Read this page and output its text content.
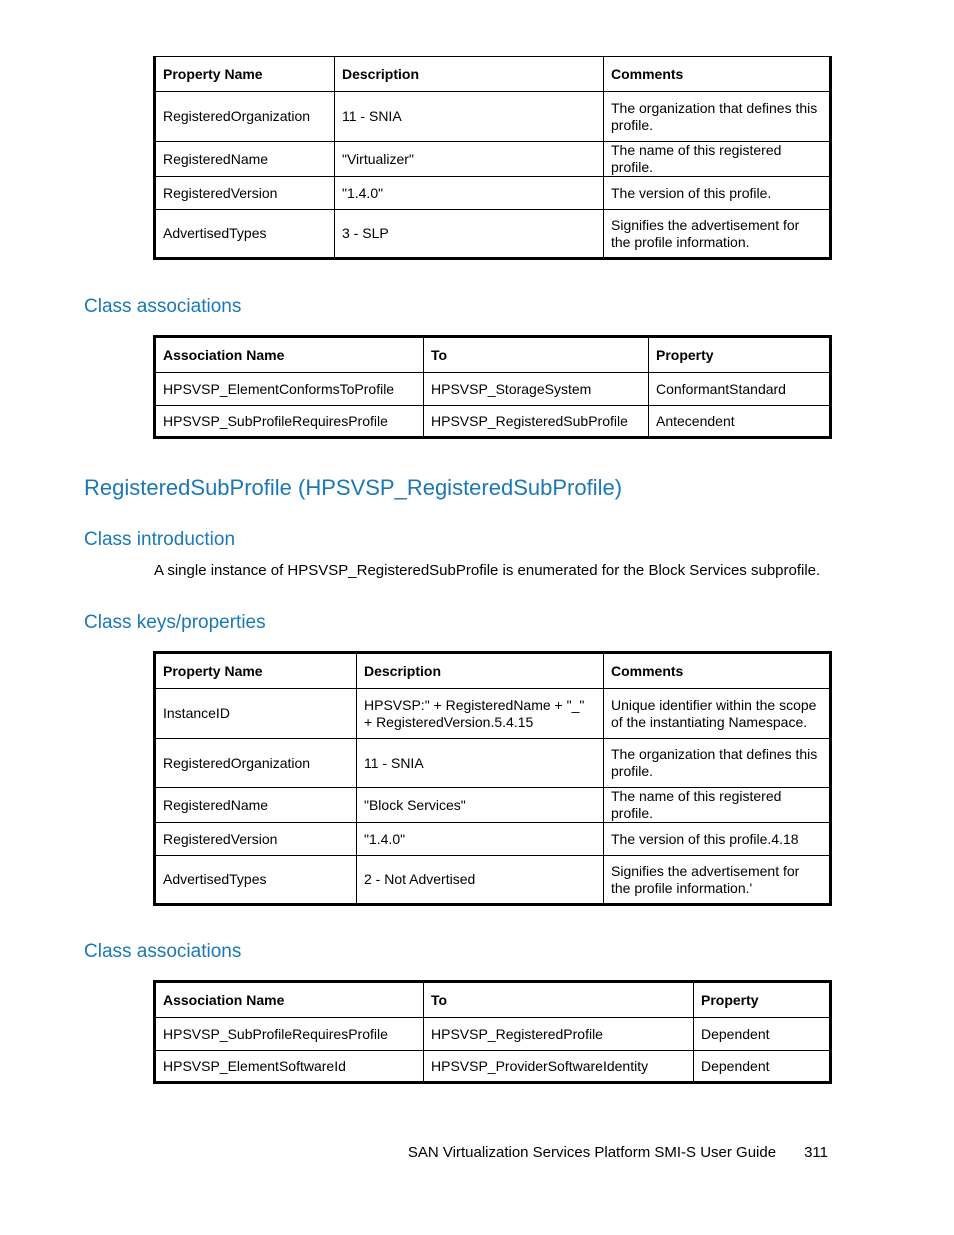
Property Name	Description	Comments
RegisteredOrganization	11 - SNIA	The organization that defines this profile.
RegisteredName	"Virtualizer"	The name of this registered profile.
RegisteredVersion	"1.4.0"	The version of this profile.
AdvertisedTypes	3 - SLP	Signifies the advertisement for the profile information.
Class associations
Association Name	To	Property
HPSVSP_ElementConformsToProfile	HPSVSP_StorageSystem	ConformantStandard
HPSVSP_SubProfileRequiresProfile	HPSVSP_RegisteredSubProfile	Antecendent
RegisteredSubProfile (HPSVSP_RegisteredSubProfile)
Class introduction

A single instance of HPSVSP_RegisteredSubProfile is enumerated for the Block Services subprofile.

Class keys/properties
Property Name	Description	Comments
InstanceID	HPSVSP:" + RegisteredName + "_" + RegisteredVersion.5.4.15	Unique identifier within the scope of the instantiating Namespace.
RegisteredOrganization	11 - SNIA	The organization that defines this profile.
RegisteredName	"Block Services"	The name of this registered profile.
RegisteredVersion	"1.4.0"	The version of this profile.4.18
AdvertisedTypes	2 - Not Advertised	Signifies the advertisement for the profile information.'
Class associations
Association Name	To	Property
HPSVSP_SubProfileRequiresProfile	HPSVSP_RegisteredProfile	Dependent
HPSVSP_ElementSoftwareId	HPSVSP_ProviderSoftwareIdentity	Dependent
SAN Virtualization Services Platform SMI-S User Guide 311
